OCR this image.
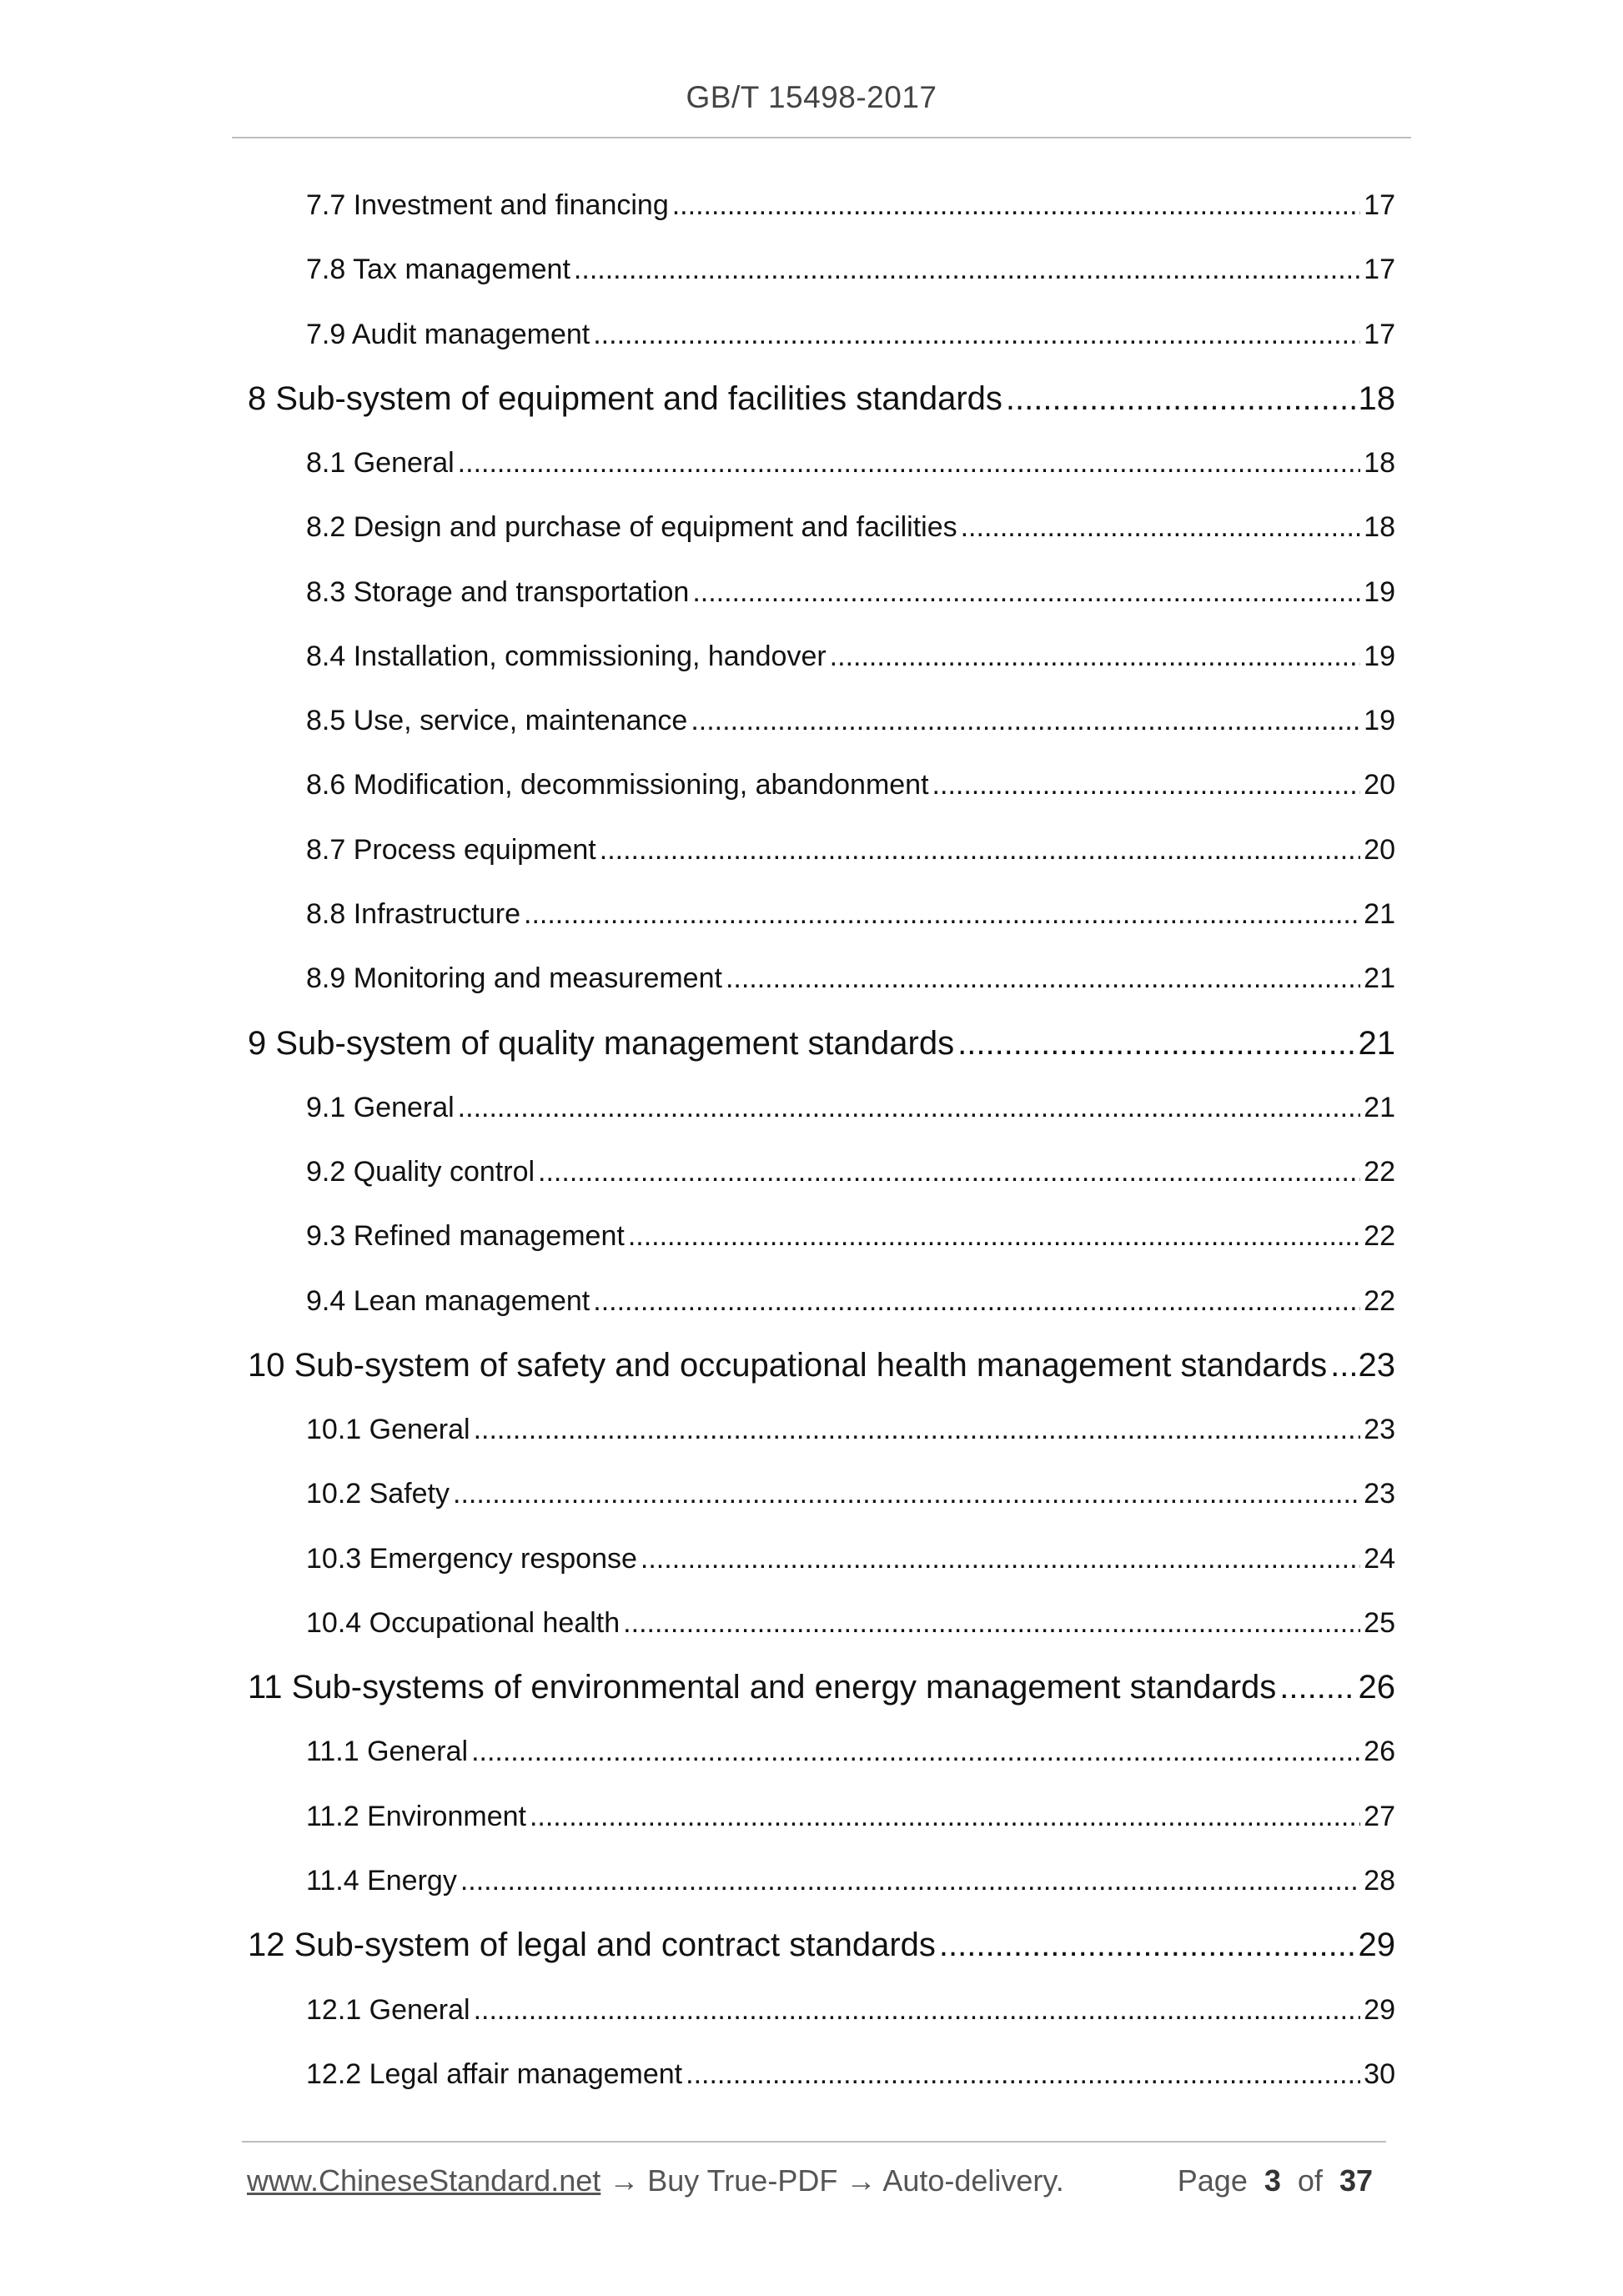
GB/T 15498-2017
7.7 Investment and financing .....	17
7.8 Tax management .....	17
7.9 Audit management .....	17
8 Sub-system of equipment and facilities standards .....	18
8.1 General .....	18
8.2 Design and purchase of equipment and facilities .....	18
8.3 Storage and transportation .....	19
8.4 Installation, commissioning, handover .....	19
8.5 Use, service, maintenance .....	19
8.6 Modification, decommissioning, abandonment .....	20
8.7 Process equipment .....	20
8.8 Infrastructure .....	21
8.9 Monitoring and measurement .....	21
9 Sub-system of quality management standards .....	21
9.1 General .....	21
9.2 Quality control .....	22
9.3 Refined management .....	22
9.4 Lean management .....	22
10 Sub-system of safety and occupational health management standards ..... 23
10.1 General .....	23
10.2 Safety .....	23
10.3 Emergency response .....	24
10.4 Occupational health .....	25
11 Sub-systems of environmental and energy management standards ..... 26
11.1 General .....	26
11.2 Environment .....	27
11.4 Energy .....	28
12 Sub-system of legal and contract standards .....	29
12.1 General .....	29
12.2 Legal affair management .....	30
www.ChineseStandard.net → Buy True-PDF → Auto-delivery.	Page 3 of 37
